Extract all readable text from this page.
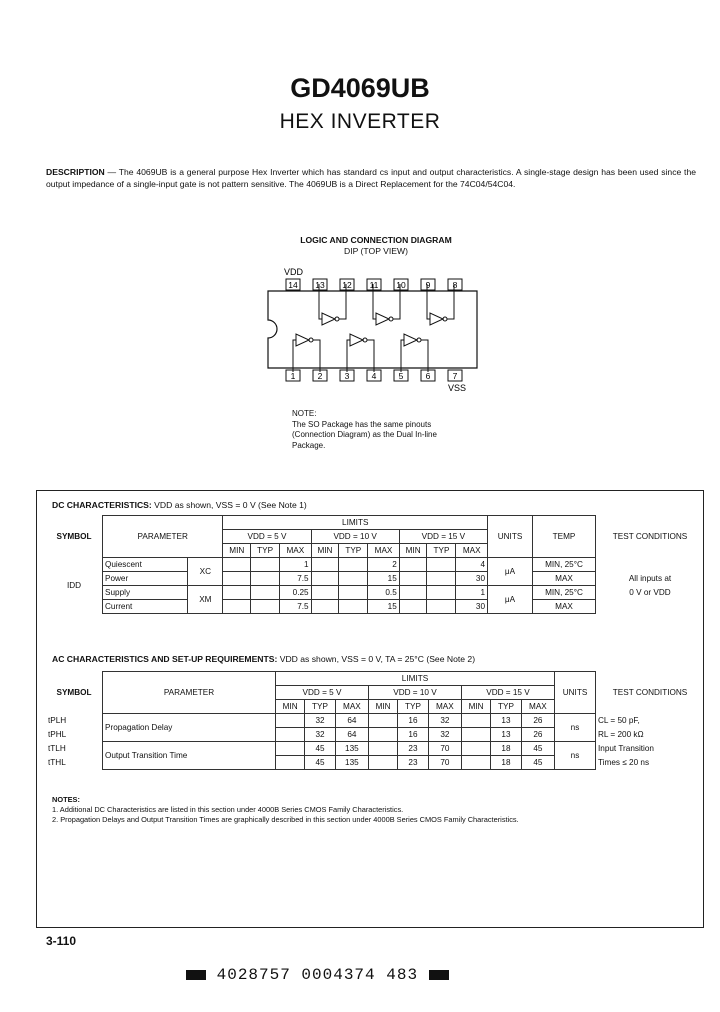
GD4069UB
HEX INVERTER
DESCRIPTION — The 4069UB is a general purpose Hex Inverter which has standard cs input and output characteristics. A single-stage design has been used since the output impedance of a single-input gate is not pattern sensitive. The 4069UB is a Direct Replacement for the 74C04/54C04.
LOGIC AND CONNECTION DIAGRAM
DIP (TOP VIEW)
VDD
14 13 12 11 10 9	8
1	2	3	4	5	6	7
VSS
NOTE:
The SO Package has the same pinouts (Connection Diagram) as the Dual In-line Package.
DC CHARACTERISTICS: VDD as shown, VSS = 0 V (See Note 1)
SYMBOL	PARAMETER		LIMITS									UNITS	TEMP	TEST CONDITIONS
			VDD = 5 V			VDD = 10 V			VDD = 15 V					
			MIN	TYP	MAX	MIN	TYP	MAX	MIN	TYP	MAX			
IDD	Quiescent	XC			1			2			4	μA	MIN, 25°C	All inputs at
0 V or VDD
	Power				7.5			15			30		MAX	
	Supply	XM			0.25			0.5			1	μA	MIN, 25°C	
	Current				7.5			15			30		MAX	
AC CHARACTERISTICS AND SET-UP REQUIREMENTS: VDD as shown, VSS = 0 V, TA = 25°C (See Note 2)
SYMBOL	PARAMETER	LIMITS									UNITS	TEST CONDITIONS
		VDD = 5 V			VDD = 10 V			VDD = 15 V				
		MIN	TYP	MAX	MIN	TYP	MAX	MIN	TYP	MAX		
tPLH	Propagation Delay		32	64		16	32		13	26	ns	CL = 50 pF,
tPHL			32	64		16	32		13	26		RL = 200 kΩ
tTLH	Output Transition Time		45	135		23	70		18	45	ns	Input Transition
tTHL			45	135		23	70		18	45		Times ≤ 20 ns
NOTES:
1. Additional DC Characteristics are listed in this section under 4000B Series CMOS Family Characteristics.
2. Propagation Delays and Output Transition Times are graphically described in this section under 4000B Series CMOS Family Characteristics.
3-110
4028757 0004374 483
